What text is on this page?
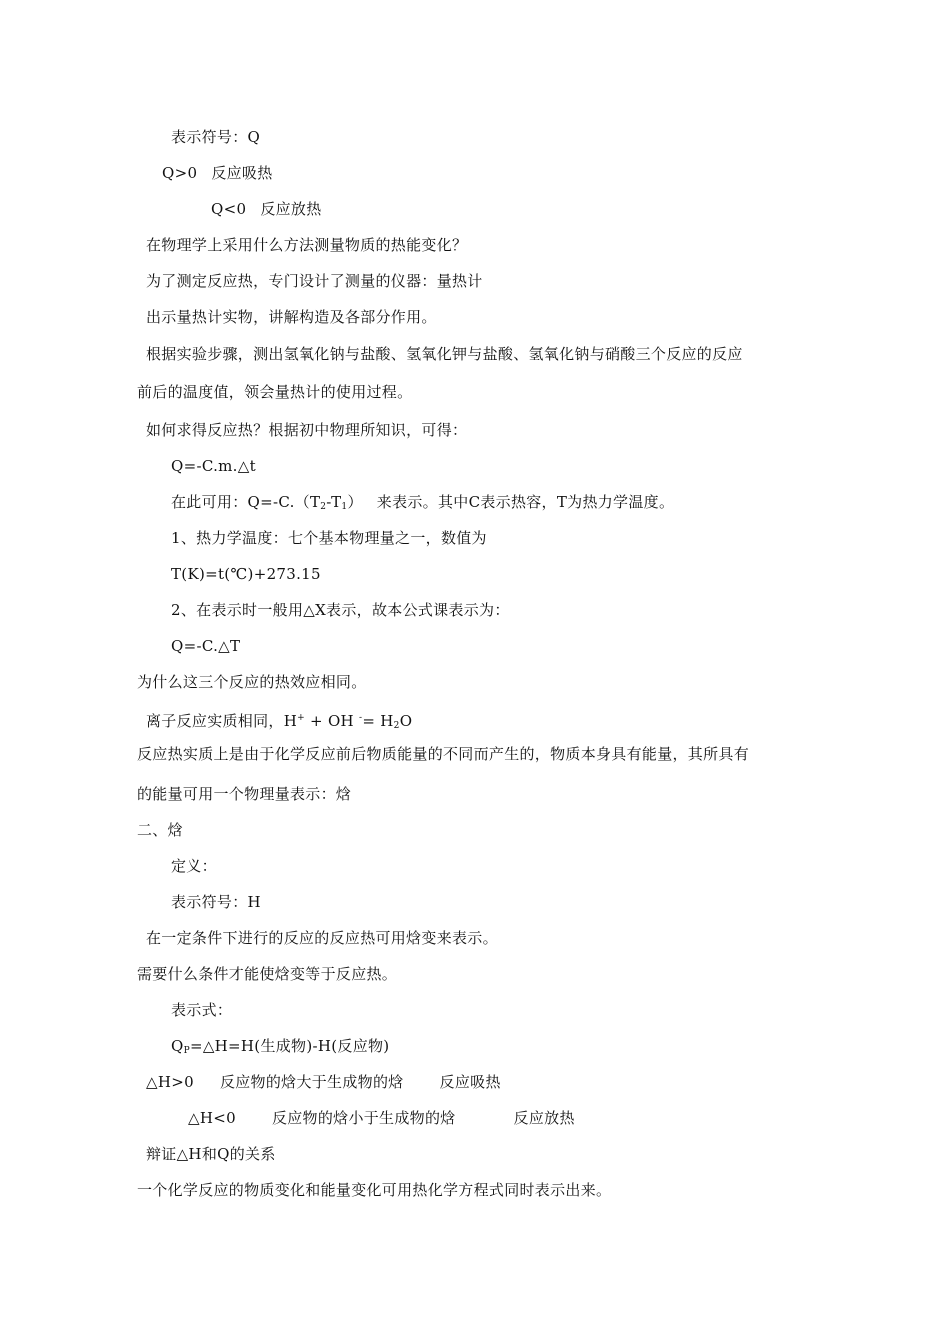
表示符号：Q
Q>0 反应吸热
Q<0 反应放热
在物理学上采用什么方法测量物质的热能变化？
为了测定反应热，专门设计了测量的仪器：量热计
出示量热计实物，讲解构造及各部分作用。
根据实验步骤，测出氢氧化钠与盐酸、氢氧化钾与盐酸、氢氧化钠与硝酸三个反应的反应
前后的温度值，领会量热计的使用过程。
如何求得反应热？根据初中物理所知识，可得：
Q=-C.m.△t
在此可用：$Q=-C.(T_2-T_1)$ 来表示。其中C表示热容，T为热力学温度。
1、热力学温度：七个基本物理量之一，数值为
T(K)=t(℃)+273.15
2、在表示时一般用△X表示，故本公式课表示为：
Q=-C.△T
为什么这三个反应的热效应相同。
离子反应实质相同，H+ + OH $^-= H_2O$
反应热实质上是由于化学反应前后物质能量的不同而产生的，物质本身具有能量，其所具有
的能量可用一个物理量表示：焓
二、焓
定义：
表示符号：H
在一定条件下进行的反应的反应热可用焓变来表示。
需要什么条件才能使焓变等于反应热。
表示式：
$Q_P=\triangle H=H$(生成物)-H(反应物)
△H>0 反应物的焓大于生成物的焓 反应吸热
△H<0 反应物的焓小于生成物的焓	反应放热
辩证△H和Q的关系
一个化学反应的物质变化和能量变化可用热化学方程式同时表示出来。
